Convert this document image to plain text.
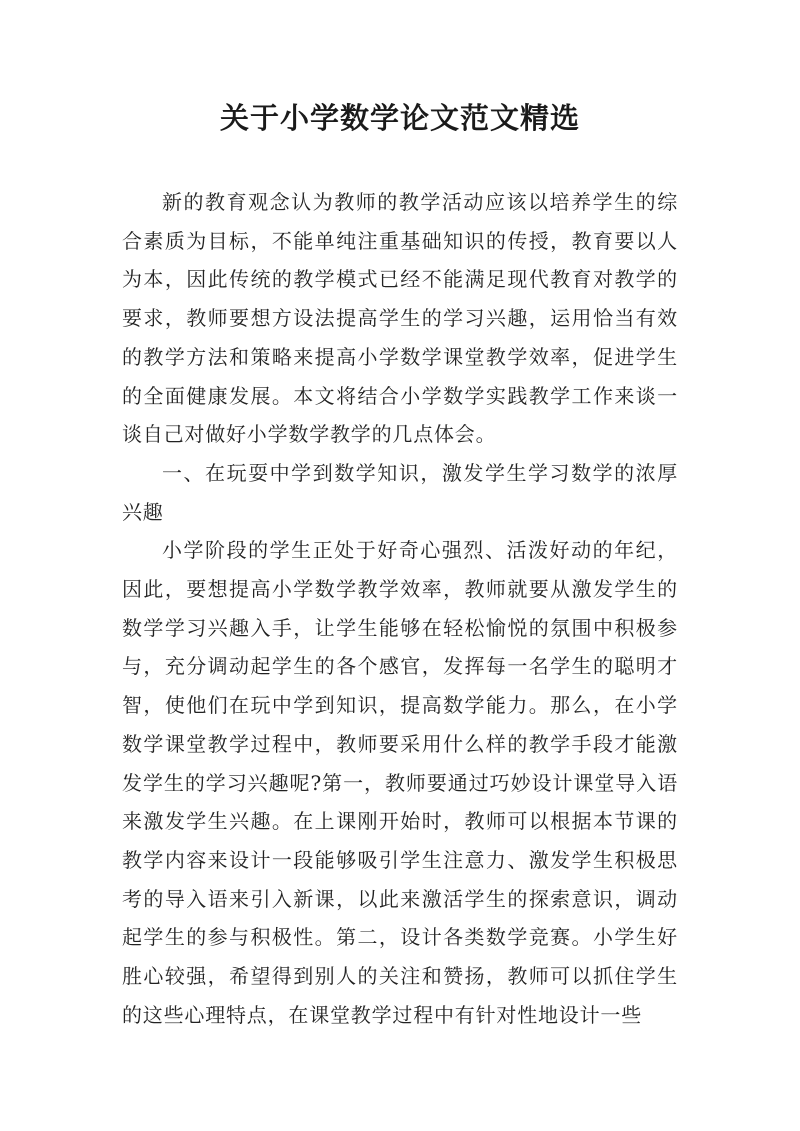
关于小学数学论文范文精选

新的教育观念认为教师的教学活动应该以培养学生的综合素质为目标，不能单纯注重基础知识的传授，教育要以人为本，因此传统的教学模式已经不能满足现代教育对教学的要求，教师要想方设法提高学生的学习兴趣，运用恰当有效的教学方法和策略来提高小学数学课堂教学效率，促进学生的全面健康发展。本文将结合小学数学实践教学工作来谈一谈自己对做好小学数学教学的几点体会。

一、在玩耍中学到数学知识，激发学生学习数学的浓厚兴趣

小学阶段的学生正处于好奇心强烈、活泼好动的年纪，因此，要想提高小学数学教学效率，教师就要从激发学生的数学学习兴趣入手，让学生能够在轻松愉悦的氛围中积极参与，充分调动起学生的各个感官，发挥每一名学生的聪明才智，使他们在玩中学到知识，提高数学能力。那么，在小学数学课堂教学过程中，教师要采用什么样的教学手段才能激发学生的学习兴趣呢?第一，教师要通过巧妙设计课堂导入语来激发学生兴趣。在上课刚开始时，教师可以根据本节课的教学内容来设计一段能够吸引学生注意力、激发学生积极思考的导入语来引入新课，以此来激活学生的探索意识，调动起学生的参与积极性。第二，设计各类数学竞赛。小学生好胜心较强，希望得到别人的关注和赞扬，教师可以抓住学生的这些心理特点，在课堂教学过程中有针对性地设计一些
